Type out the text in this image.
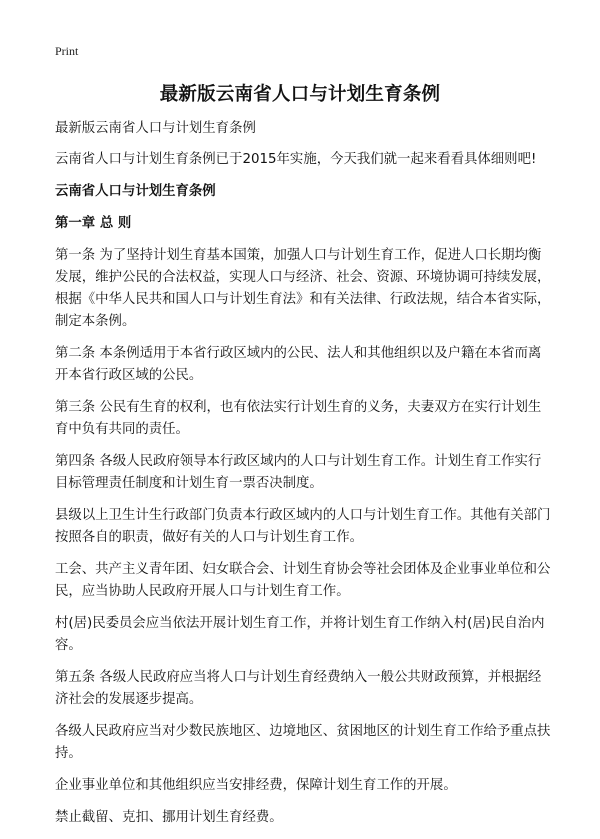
Print
最新版云南省人口与计划生育条例

最新版云南省人口与计划生育条例

云南省人口与计划生育条例已于2015年实施，今天我们就一起来看看具体细则吧!

云南省人口与计划生育条例

第一章 总 则

第一条 为了坚持计划生育基本国策，加强人口与计划生育工作，促进人口长期均衡发展，维护公民的合法权益，实现人口与经济、社会、资源、环境协调可持续发展，根据《中华人民共和国人口与计划生育法》和有关法律、行政法规，结合本省实际，制定本条例。

第二条 本条例适用于本省行政区域内的公民、法人和其他组织以及户籍在本省而离开本省行政区域的公民。

第三条 公民有生育的权利，也有依法实行计划生育的义务，夫妻双方在实行计划生育中负有共同的责任。

第四条 各级人民政府领导本行政区域内的人口与计划生育工作。计划生育工作实行目标管理责任制度和计划生育一票否决制度。

县级以上卫生计生行政部门负责本行政区域内的人口与计划生育工作。其他有关部门按照各自的职责，做好有关的人口与计划生育工作。

工会、共产主义青年团、妇女联合会、计划生育协会等社会团体及企业事业单位和公民，应当协助人民政府开展人口与计划生育工作。

村(居)民委员会应当依法开展计划生育工作，并将计划生育工作纳入村(居)民自治内容。

第五条 各级人民政府应当将人口与计划生育经费纳入一般公共财政预算，并根据经济社会的发展逐步提高。

各级人民政府应当对少数民族地区、边境地区、贫困地区的计划生育工作给予重点扶持。

企业事业单位和其他组织应当安排经费，保障计划生育工作的开展。

禁止截留、克扣、挪用计划生育经费。
